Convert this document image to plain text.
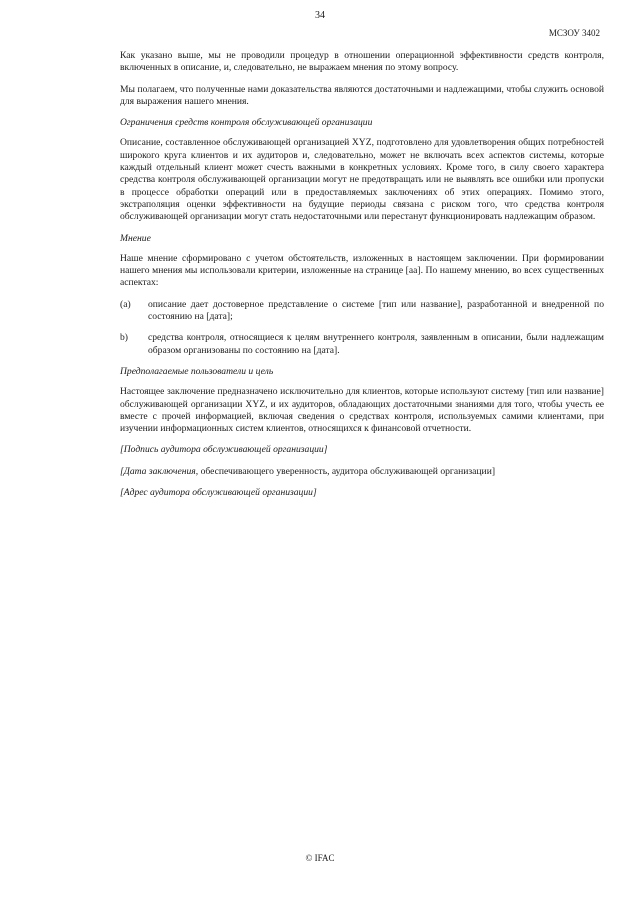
34
МСЗОУ 3402

Как указано выше, мы не проводили процедур в отношении операционной эффективности средств контроля, включенных в описание, и, следовательно, не выражаем мнения по этому вопросу.

Мы полагаем, что полученные нами доказательства являются достаточными и надлежащими, чтобы служить основой для выражения нашего мнения.

Ограничения средств контроля обслуживающей организации

Описание, составленное обслуживающей организацией XYZ, подготовлено для удовлетворения общих потребностей широкого круга клиентов и их аудиторов и, следовательно, может не включать всех аспектов системы, которые каждый отдельный клиент может счесть важными в конкретных условиях. Кроме того, в силу своего характера средства контроля обслуживающей организации могут не предотвращать или не выявлять все ошибки или пропуски в процессе обработки операций или в предоставляемых заключениях об этих операциях. Помимо этого, экстраполяция оценки эффективности на будущие периоды связана с риском того, что средства контроля обслуживающей организации могут стать недостаточными или перестанут функционировать надлежащим образом.

Мнение

Наше мнение сформировано с учетом обстоятельств, изложенных в настоящем заключении. При формировании нашего мнения мы использовали критерии, изложенные на странице [аа]. По нашему мнению, во всех существенных аспектах:

(a)	описание дает достоверное представление о системе [тип или название], разработанной и внедренной по состоянию на [дата];
b)	средства контроля, относящиеся к целям внутреннего контроля, заявленным в описании, были надлежащим образом организованы по состоянию на [дата].
Предполагаемые пользователи и цель

Настоящее заключение предназначено исключительно для клиентов, которые используют систему [тип или название] обслуживающей организации XYZ, и их аудиторов, обладающих достаточными знаниями для того, чтобы учесть ее вместе с прочей информацией, включая сведения о средствах контроля, используемых самими клиентами, при изучении информационных систем клиентов, относящихся к финансовой отчетности.

[Подпись аудитора обслуживающей организации]
[Дата заключения, обеспечивающего уверенность, аудитора обслуживающей организации]
[Адрес аудитора обслуживающей организации]
© IFAC
